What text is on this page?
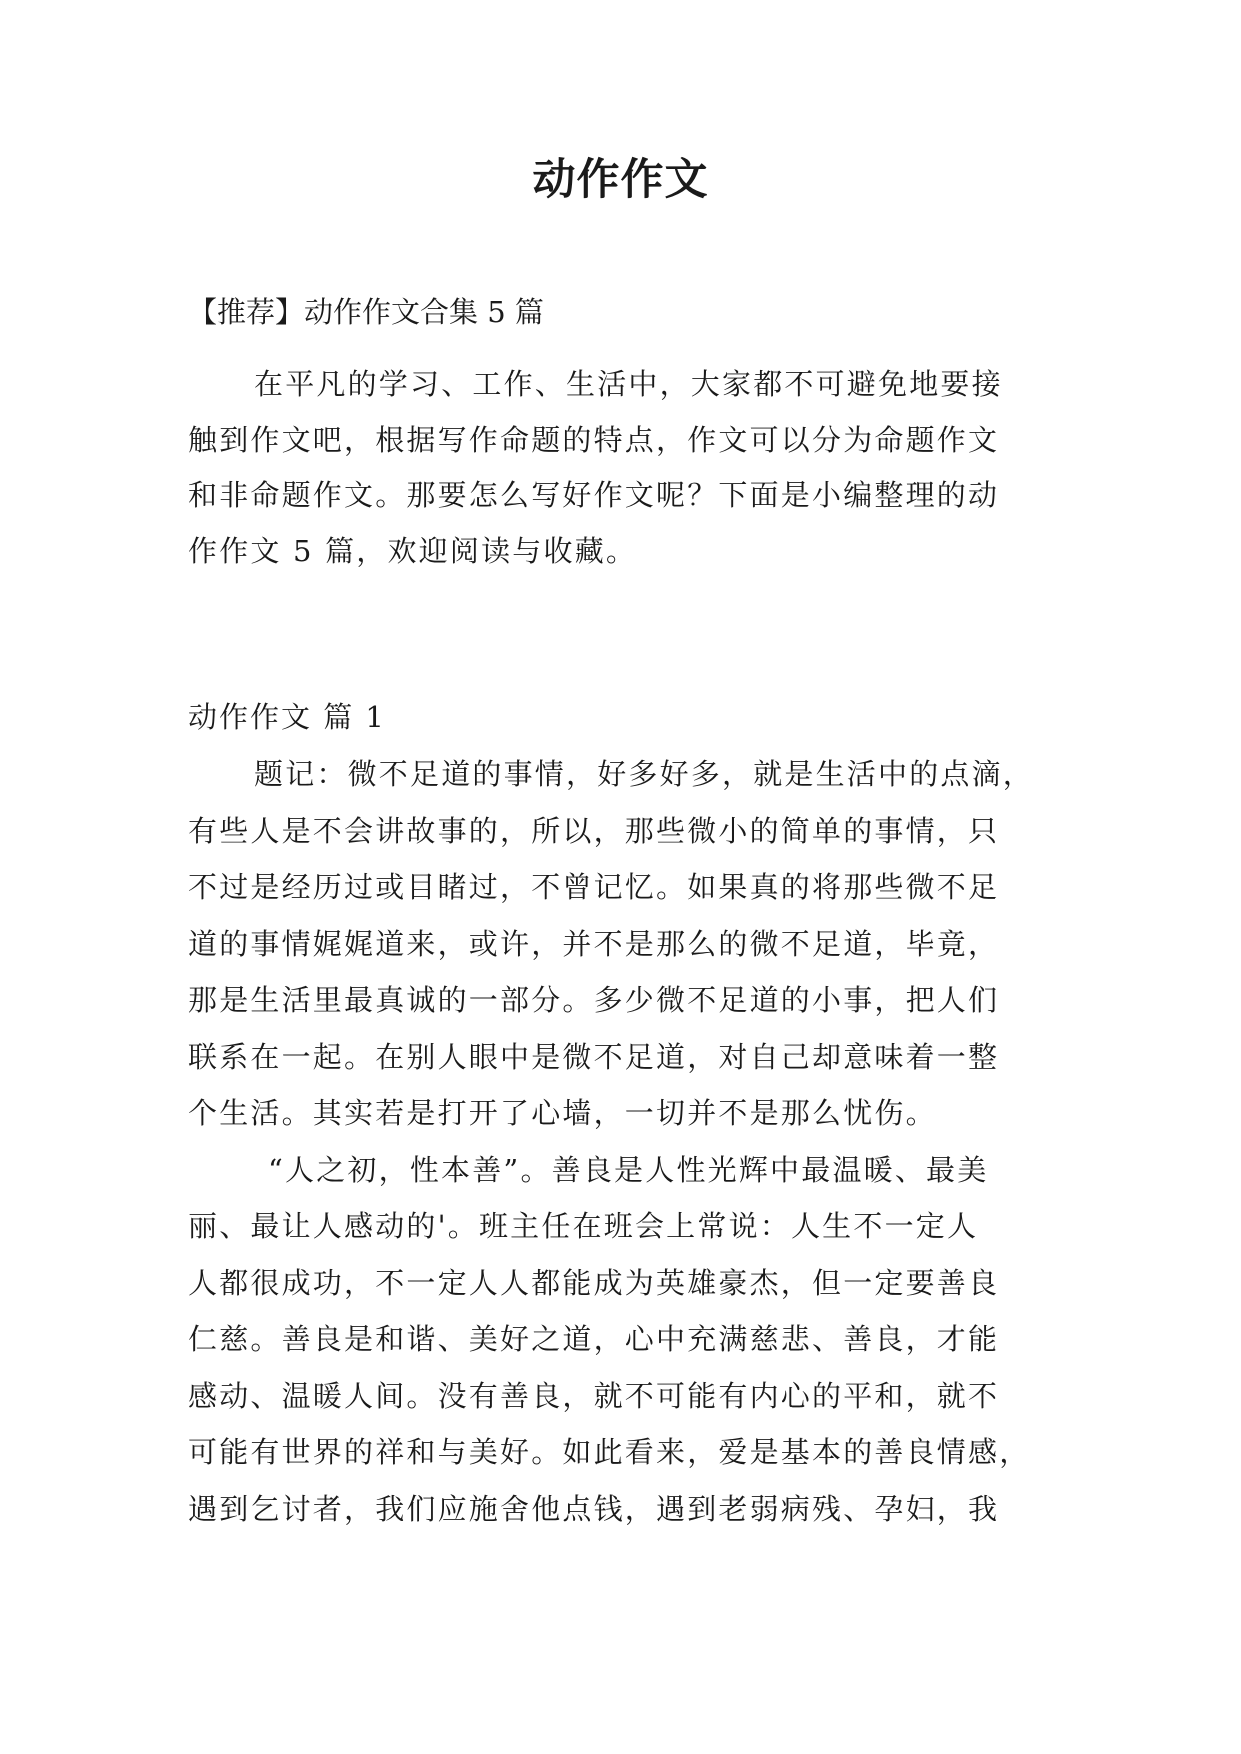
动作作文

【推荐】动作作文合集 5 篇

在平凡的学习、工作、生活中，大家都不可避免地要接

触到作文吧，根据写作命题的特点，作文可以分为命题作文

和非命题作文。那要怎么写好作文呢？下面是小编整理的动

作作文 5 篇，欢迎阅读与收藏。

动作作文 篇 1

题记：微不足道的事情，好多好多，就是生活中的点滴，

有些人是不会讲故事的，所以，那些微小的简单的事情，只

不过是经历过或目睹过，不曾记忆。如果真的将那些微不足

道的事情娓娓道来，或许，并不是那么的微不足道，毕竟，

那是生活里最真诚的一部分。多少微不足道的小事，把人们

联系在一起。在别人眼中是微不足道，对自己却意味着一整

个生活。其实若是打开了心墙，一切并不是那么忧伤。

“人之初，性本善”。善良是人性光辉中最温暖、最美

丽、最让人感动的'。班主任在班会上常说：人生不一定人

人都很成功，不一定人人都能成为英雄豪杰，但一定要善良

仁慈。善良是和谐、美好之道，心中充满慈悲、善良，才能

感动、温暖人间。没有善良，就不可能有内心的平和，就不

可能有世界的祥和与美好。如此看来，爱是基本的善良情感，

遇到乞讨者，我们应施舍他点钱，遇到老弱病残、孕妇，我
